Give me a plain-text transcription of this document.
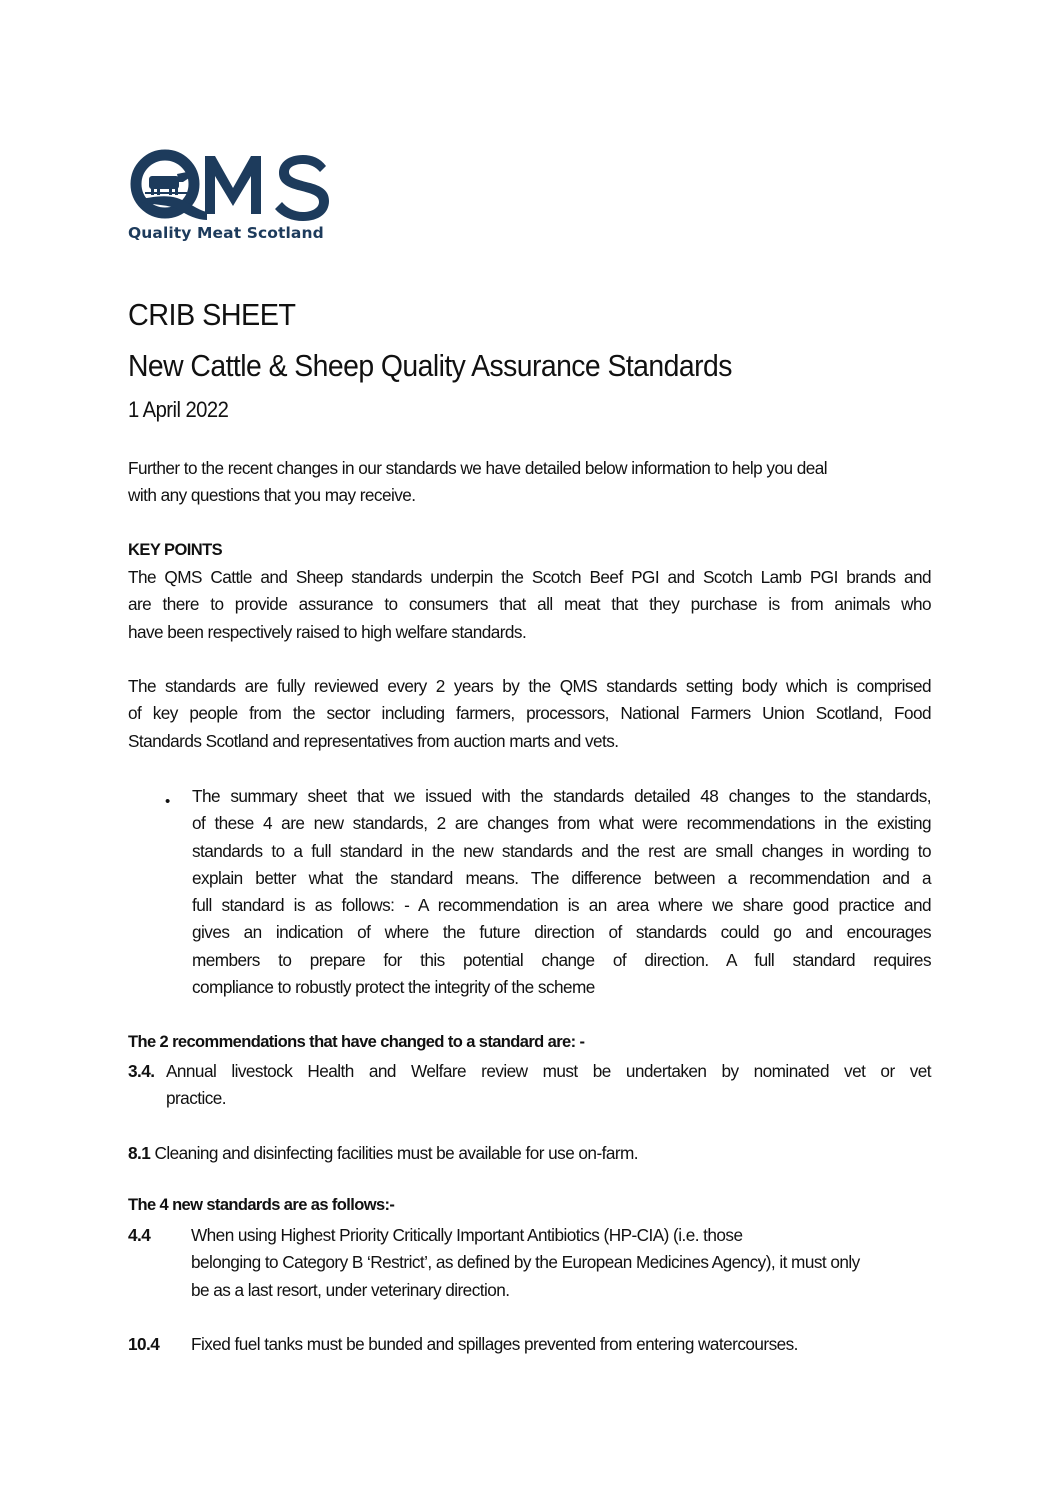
Quality Meat Scotland
CRIB SHEET
New Cattle & Sheep Quality Assurance Standards
1 April 2022
Further to the recent changes in our standards we have detailed below information to help you deal
with any questions that you may receive.
KEY POINTS
The QMS Cattle and Sheep standards underpin the Scotch Beef PGI and Scotch Lamb PGI brands and
are there to provide assurance to consumers that all meat that they purchase is from animals who
have been respectively raised to high welfare standards.
The standards are fully reviewed every 2 years by the QMS standards setting body which is comprised
of key people from the sector including farmers, processors, National Farmers Union Scotland, Food
Standards Scotland and representatives from auction marts and vets.
• The summary sheet that we issued with the standards detailed 48 changes to the standards,
of these 4 are new standards, 2 are changes from what were recommendations in the existing
standards to a full standard in the new standards and the rest are small changes in wording to
explain better what the standard means. The difference between a recommendation and a
full standard is as follows: - A recommendation is an area where we share good practice and
gives an indication of where the future direction of standards could go and encourages
members to prepare for this potential change of direction. A full standard requires
compliance to robustly protect the integrity of the scheme
The 2 recommendations that have changed to a standard are: -
3.4. Annual livestock Health and Welfare review must be undertaken by nominated vet or vet
practice.
8.1 Cleaning and disinfecting facilities must be available for use on-farm.
The 4 new standards are as follows:-
4.4 When using Highest Priority Critically Important Antibiotics (HP-CIA) (i.e. those
belonging to Category B ‘Restrict’, as defined by the European Medicines Agency), it must only
be as a last resort, under veterinary direction.
10.4 Fixed fuel tanks must be bunded and spillages prevented from entering watercourses.
